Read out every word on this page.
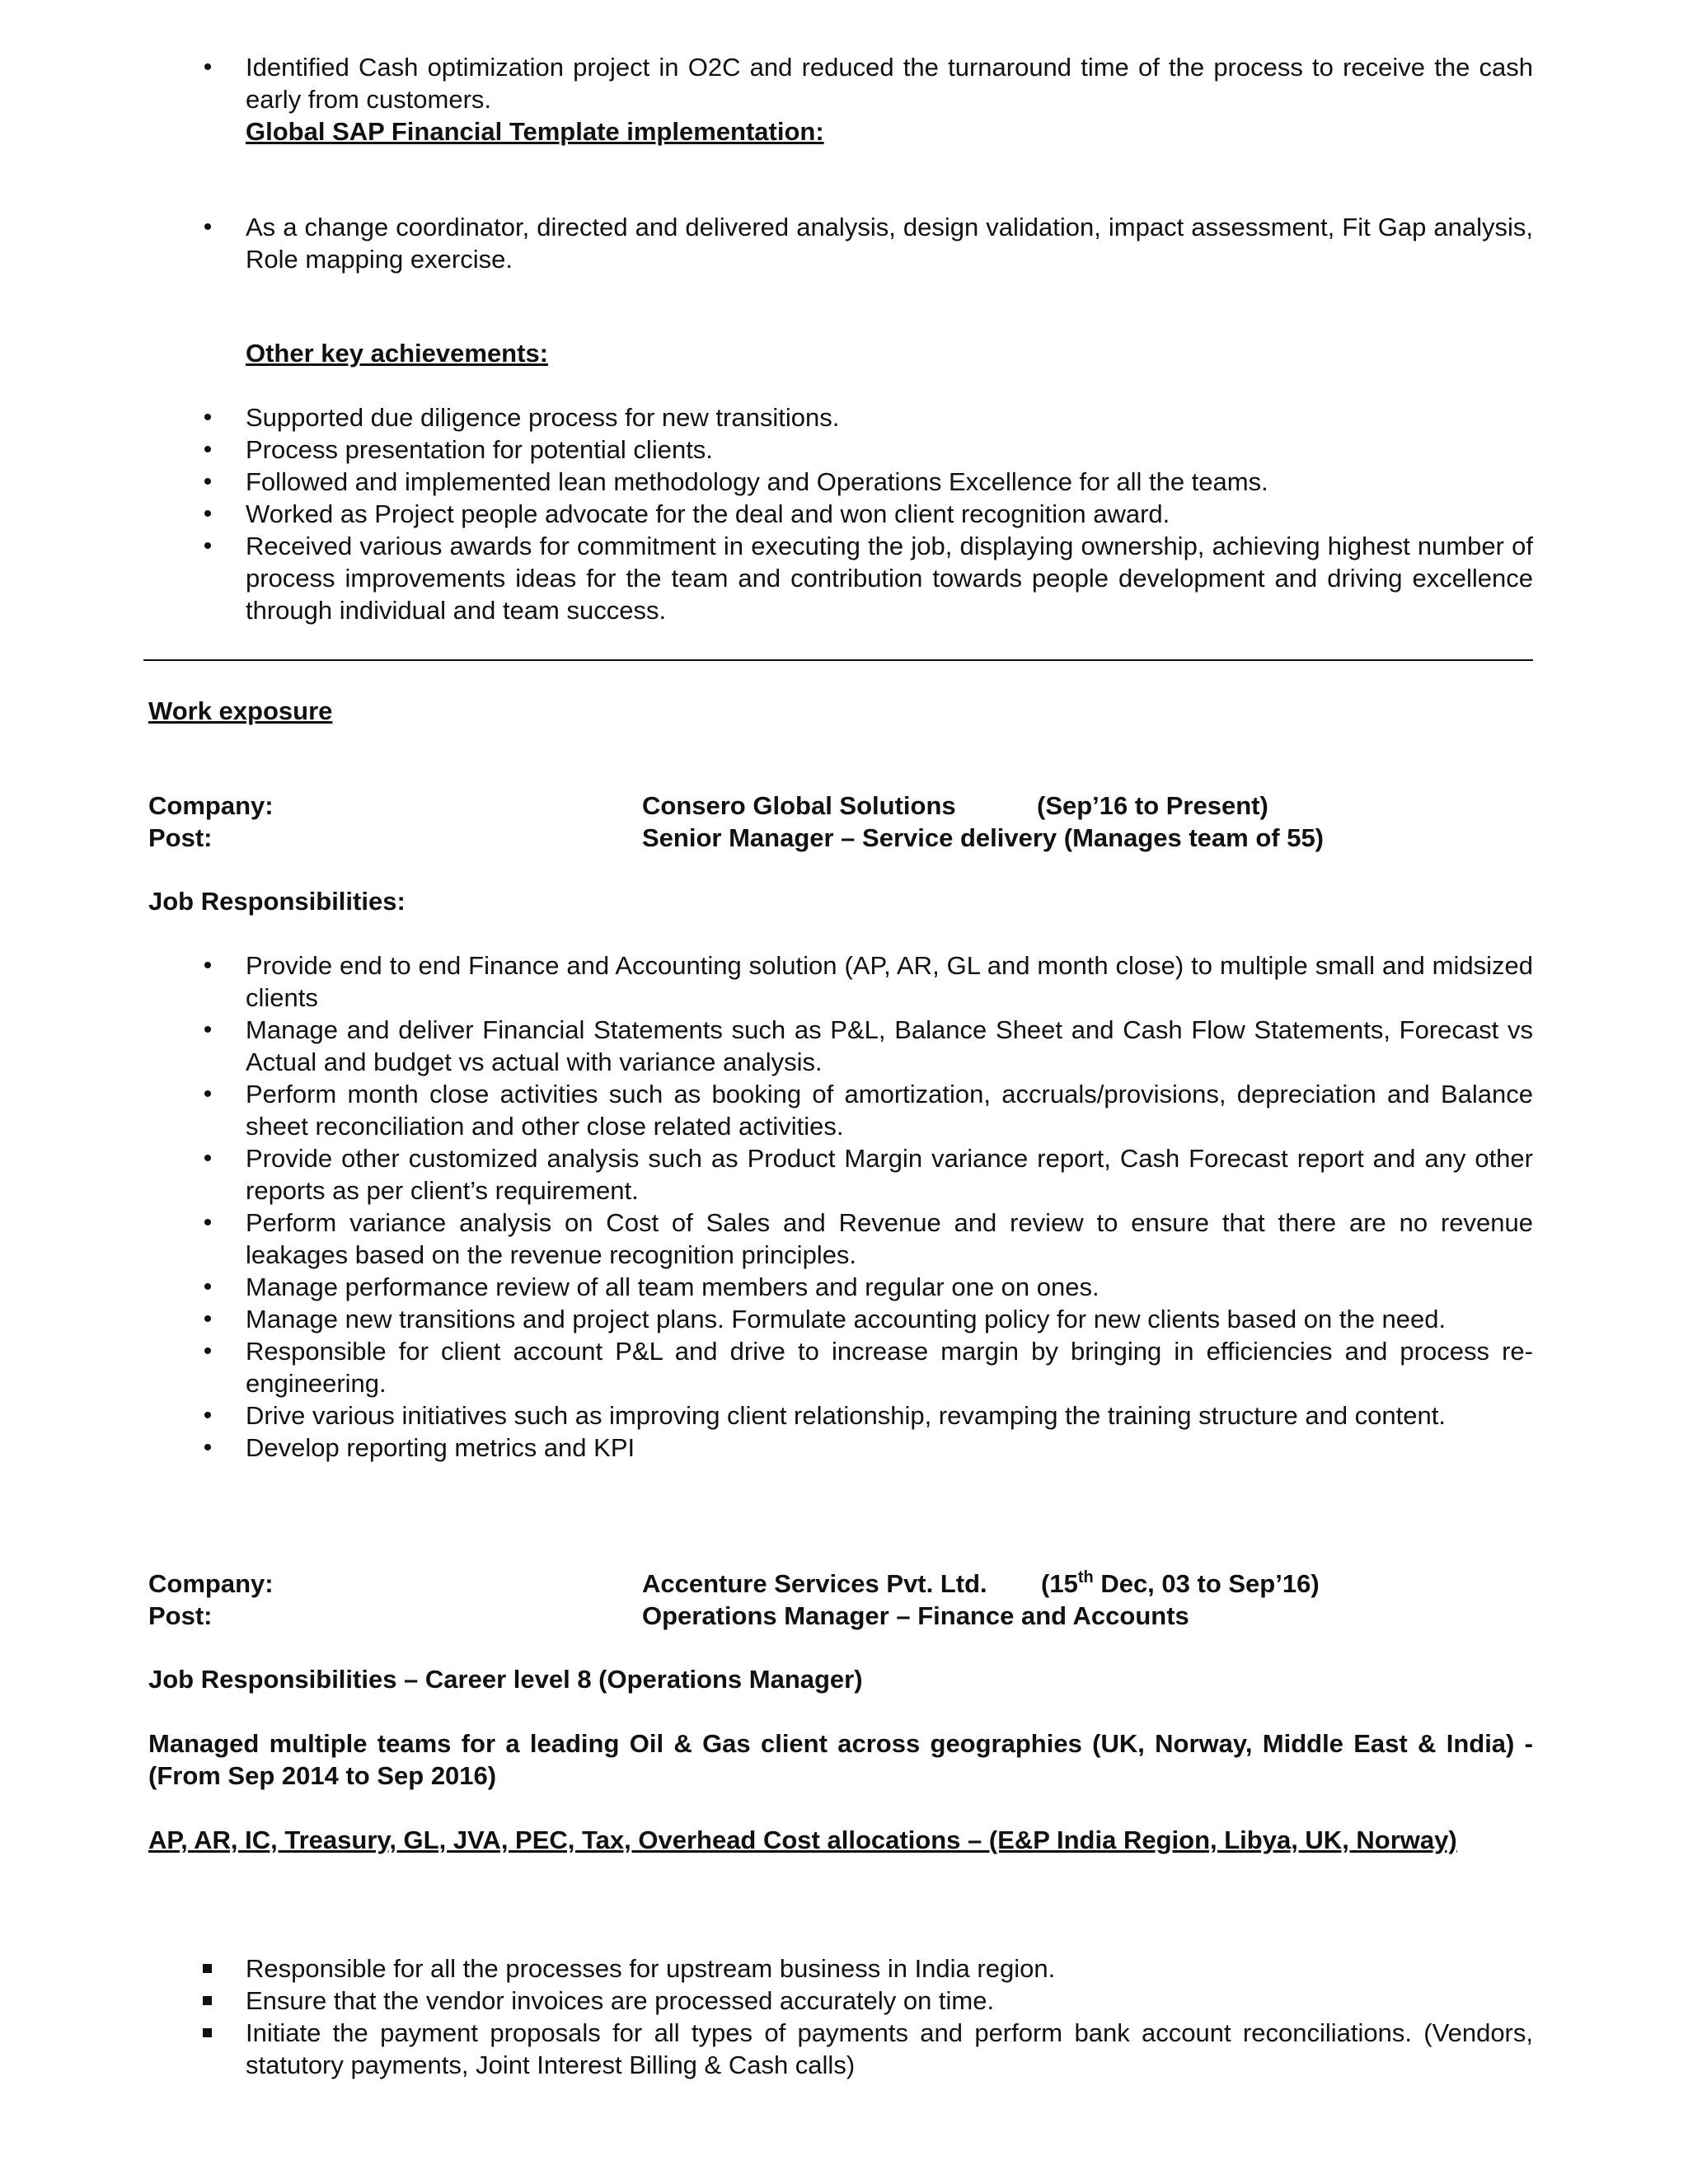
• Identified Cash optimization project in O2C and reduced the turnaround time of the process to receive the cash early from customers.
Global SAP Financial Template implementation:
• As a change coordinator, directed and delivered analysis, design validation, impact assessment, Fit Gap analysis, Role mapping exercise.
Other key achievements:
• Supported due diligence process for new transitions.
• Process presentation for potential clients.
• Followed and implemented lean methodology and Operations Excellence for all the teams.
• Worked as Project people advocate for the deal and won client recognition award.
• Received various awards for commitment in executing the job, displaying ownership, achieving highest number of process improvements ideas for the team and contribution towards people development and driving excellence through individual and team success.
Work exposure
Company:	Consero Global Solutions	(Sep’16 to Present)
Post:	Senior Manager – Service delivery (Manages team of 55)
Job Responsibilities:
• Provide end to end Finance and Accounting solution (AP, AR, GL and month close) to multiple small and midsized clients
• Manage and deliver Financial Statements such as P&L, Balance Sheet and Cash Flow Statements, Forecast vs Actual and budget vs actual with variance analysis.
• Perform month close activities such as booking of amortization, accruals/provisions, depreciation and Balance sheet reconciliation and other close related activities.
• Provide other customized analysis such as Product Margin variance report, Cash Forecast report and any other reports as per client’s requirement.
• Perform variance analysis on Cost of Sales and Revenue and review to ensure that there are no revenue leakages based on the revenue recognition principles.
• Manage performance review of all team members and regular one on ones.
• Manage new transitions and project plans. Formulate accounting policy for new clients based on the need.
• Responsible for client account P&L and drive to increase margin by bringing in efficiencies and process re-engineering.
• Drive various initiatives such as improving client relationship, revamping the training structure and content.
• Develop reporting metrics and KPI
Company:	Accenture Services Pvt. Ltd. (15th Dec, 03 to Sep’16)
Post:	Operations Manager – Finance and Accounts
Job Responsibilities – Career level 8 (Operations Manager)
Managed multiple teams for a leading Oil & Gas client across geographies (UK, Norway, Middle East & India) - (From Sep 2014 to Sep 2016)
AP, AR, IC, Treasury, GL, JVA, PEC, Tax, Overhead Cost allocations – (E&P India Region, Libya, UK, Norway)
Responsible for all the processes for upstream business in India region.
Ensure that the vendor invoices are processed accurately on time.
Initiate the payment proposals for all types of payments and perform bank account reconciliations. (Vendors, statutory payments, Joint Interest Billing & Cash calls)
